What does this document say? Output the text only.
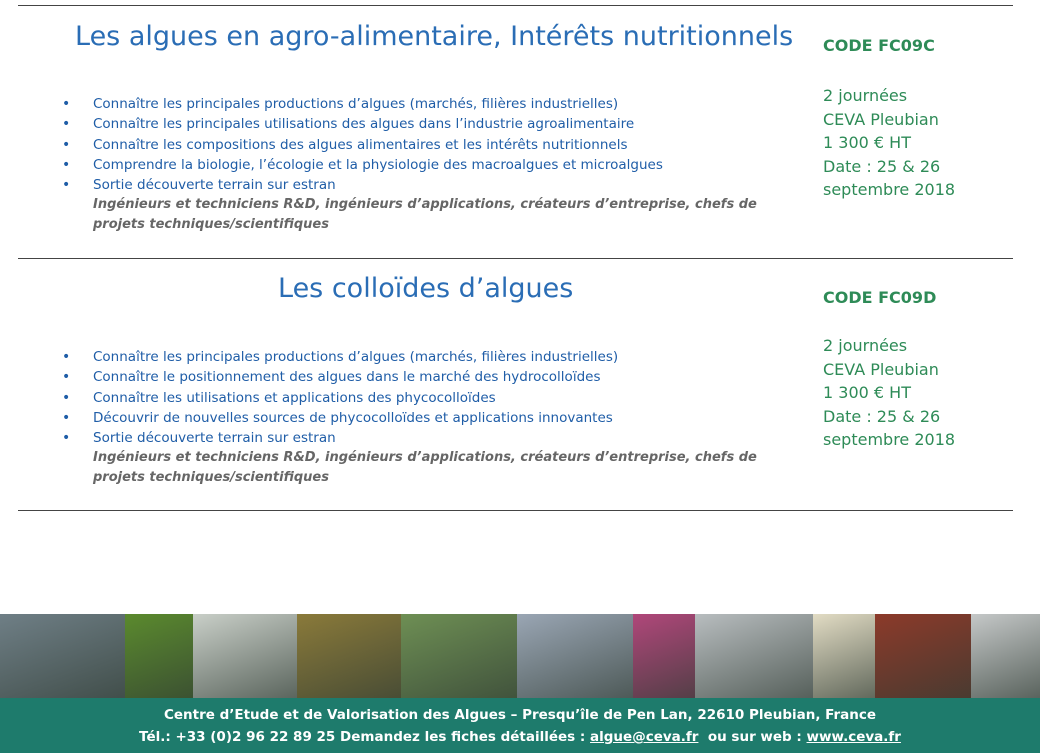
Les algues en agro-alimentaire, Intérêts nutritionnels CODE FC09C
2 journées
CEVA Pleubian
1 300 € HT
Date : 25 & 26
septembre 2018
• Connaître les principales productions d’algues (marchés, filières industrielles)
• Connaître les principales utilisations des algues dans l’industrie agroalimentaire
• Connaître les compositions des algues alimentaires et les intérêts nutritionnels
• Comprendre la biologie, l’écologie et la physiologie des macroalgues et microalgues
• Sortie découverte terrain sur estran
Ingénieurs et techniciens R&D, ingénieurs d’applications, créateurs d’entreprise, chefs de projets techniques/scientifiques
Les colloïdes d’algues	CODE FC09D
2 journées
CEVA Pleubian
1 300 € HT
Date : 25 & 26
septembre 2018
• Connaître les principales productions d’algues (marchés, filières industrielles)
• Connaître le positionnement des algues dans le marché des hydrocolloïdes
• Connaître les utilisations et applications des phycocolloïdes
• Découvrir de nouvelles sources de phycocolloïdes et applications innovantes
• Sortie découverte terrain sur estran
Ingénieurs et techniciens R&D, ingénieurs d’applications, créateurs d’entreprise, chefs de projets techniques/scientifiques
Centre d’Etude et de Valorisation des Algues – Presqu’île de Pen Lan, 22610 Pleubian, France
Tél.: +33 (0)2 96 22 89 25 Demandez les fiches détaillées : algue@ceva.fr ou sur web : www.ceva.fr
